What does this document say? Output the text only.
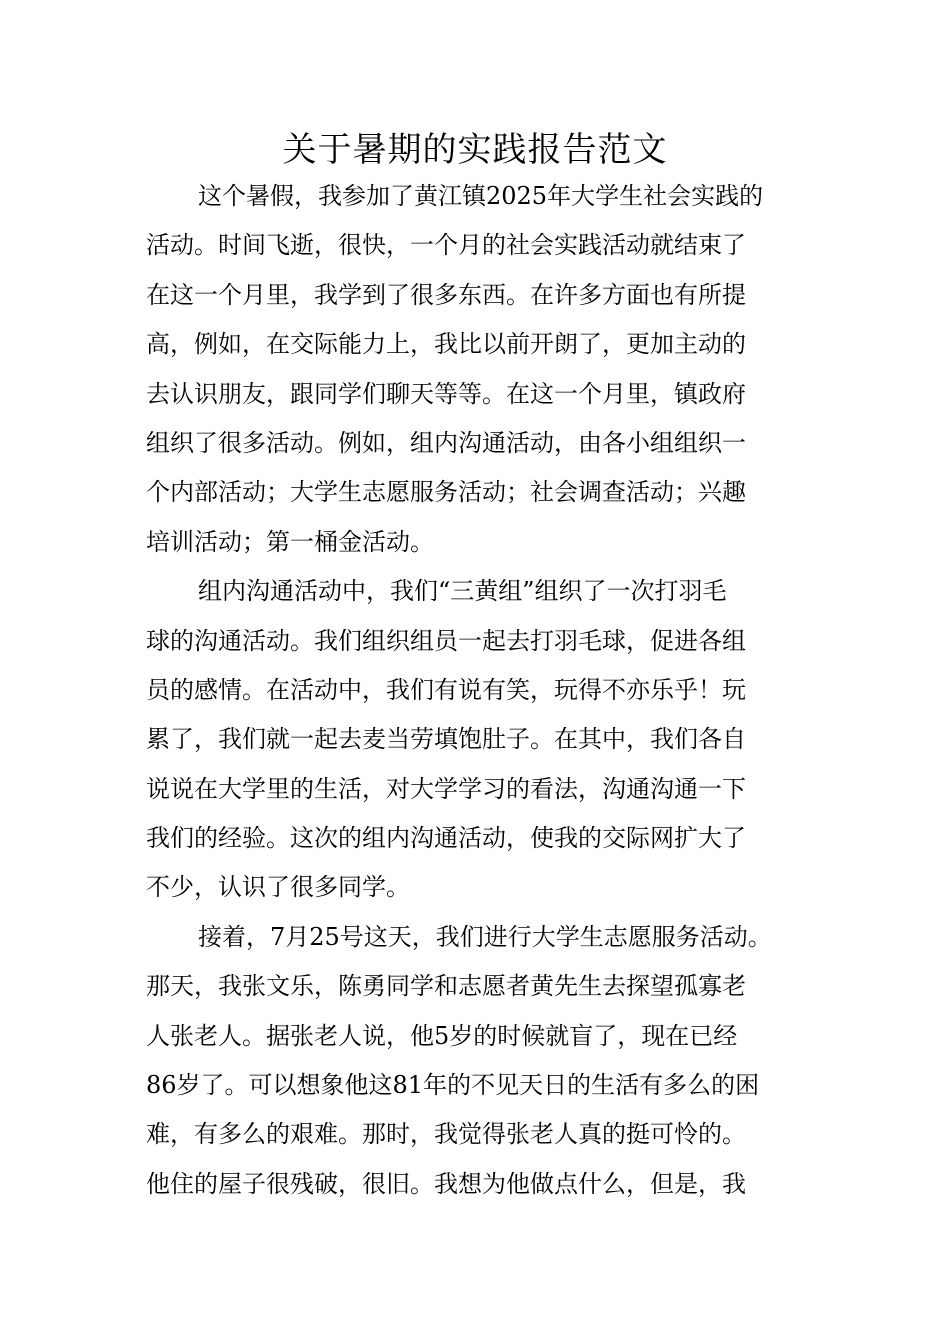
关于暑期的实践报告范文

这个暑假，我参加了黄江镇2025年大学生社会实践的

活动。时间飞逝，很快，一个月的社会实践活动就结束了

在这一个月里，我学到了很多东西。在许多方面也有所提

高，例如，在交际能力上，我比以前开朗了，更加主动的

去认识朋友，跟同学们聊天等等。在这一个月里，镇政府

组织了很多活动。例如，组内沟通活动，由各小组组织一

个内部活动；大学生志愿服务活动；社会调查活动；兴趣

培训活动；第一桶金活动。

组内沟通活动中，我们“三黄组”组织了一次打羽毛

球的沟通活动。我们组织组员一起去打羽毛球，促进各组

员的感情。在活动中，我们有说有笑，玩得不亦乐乎！玩

累了，我们就一起去麦当劳填饱肚子。在其中，我们各自

说说在大学里的生活，对大学学习的看法，沟通沟通一下

我们的经验。这次的组内沟通活动，使我的交际网扩大了

不少，认识了很多同学。

接着，7月25号这天，我们进行大学生志愿服务活动。

那天，我张文乐，陈勇同学和志愿者黄先生去探望孤寡老

人张老人。据张老人说，他5岁的时候就盲了，现在已经

86岁了。可以想象他这81年的不见天日的生活有多么的困

难，有多么的艰难。那时，我觉得张老人真的挺可怜的。

他住的屋子很残破，很旧。我想为他做点什么，但是，我
